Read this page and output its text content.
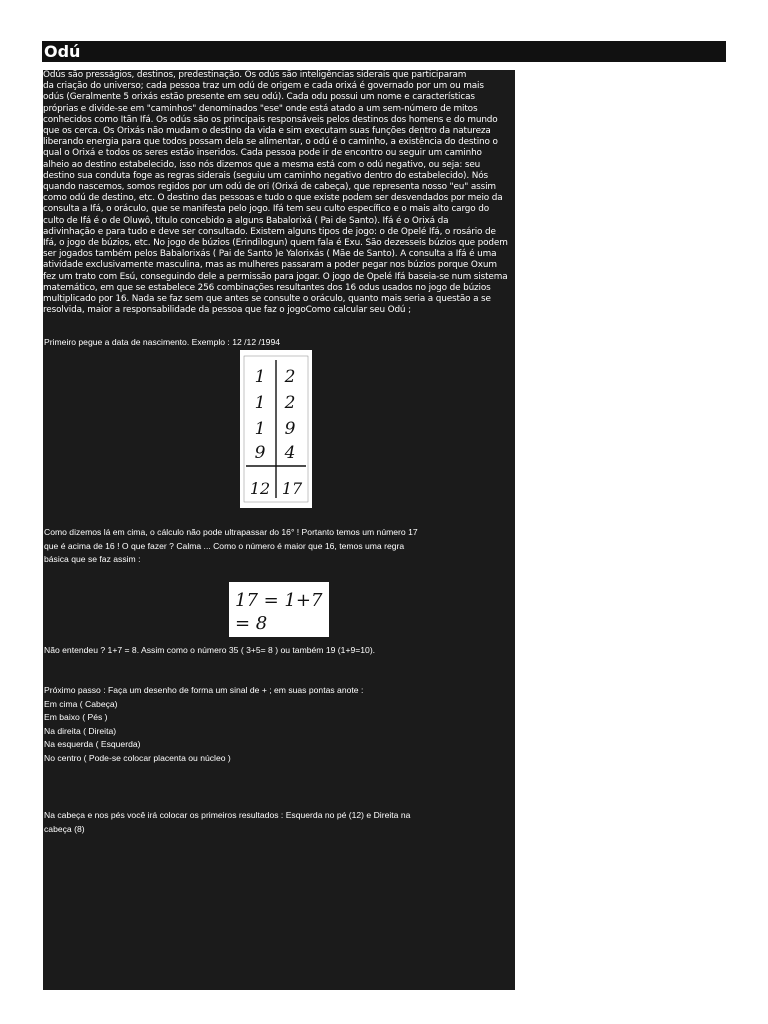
Odú

Odús são presságios, destinos, predestinação. Os odús são inteligências siderais que participaram
da criação do universo; cada pessoa traz um odú de origem e cada orixá é governado por um ou mais
odús (Geralmente 5 orixás estão presente em seu odú). Cada odu possui um nome e características
próprias e divide-se em "caminhos" denominados "ese" onde está atado a um sem-número de mitos
conhecidos como Itãn Ifá. Os odús são os principais responsáveis pelos destinos dos homens e do mundo
que os cerca. Os Orixás não mudam o destino da vida e sim executam suas funções dentro da natureza
liberando energia para que todos possam dela se alimentar, o odú é o caminho, a existência do destino o
qual o Orixá e todos os seres estão inseridos. Cada pessoa pode ir de encontro ou seguir um caminho
alheio ao destino estabelecido, isso nós dizemos que a mesma está com o odú negativo, ou seja: seu
destino sua conduta foge as regras siderais (seguiu um caminho negativo dentro do estabelecido). Nós
quando nascemos, somos regidos por um odú de ori (Orixá de cabeça), que representa nosso "eu" assim
como odú de destino, etc. O destino das pessoas e tudo o que existe podem ser desvendados por meio da
consulta a Ifá, o oráculo, que se manifesta pelo jogo. Ifá tem seu culto específico e o mais alto cargo do
culto de Ifá é o de Oluwô, título concebido a alguns Babalorixá ( Pai de Santo). Ifá é o Orixá da
adivinhação e para tudo e deve ser consultado. Existem alguns tipos de jogo: o de Opelé Ifá, o rosário de
Ifá, o jogo de búzios, etc. No jogo de búzios (Erindilogun) quem fala é Exu. São dezesseis búzios que podem
ser jogados também pelos Babalorixás ( Pai de Santo )e Yalorixás ( Mãe de Santo). A consulta a Ifá é uma
atividade exclusivamente masculina, mas as mulheres passaram a poder pegar nos búzios porque Oxum
fez um trato com Esú, conseguindo dele a permissão para jogar. O jogo de Opelé Ifá baseia-se num sistema
matemático, em que se estabelece 256 combinações resultantes dos 16 odus usados no jogo de búzios
multiplicado por 16. Nada se faz sem que antes se consulte o oráculo, quanto mais seria a questão a se
resolvida, maior a responsabilidade da pessoa que faz o jogoComo calcular seu Odú ;

Primeiro pegue a data de nascimento. Exemplo : 12 /12 /1994

1 2
1 2
1 9
9 4
12 17

Como dizemos lá em cima, o cálculo não pode ultrapassar do 16° ! Portanto temos um número 17
que é acima de 16 ! O que fazer ? Calma ... Como o número é maior que 16, temos uma regra
básica que se faz assim :

17 = 1+7
= 8

Não entendeu ? 1+7 = 8. Assim como o número 35 ( 3+5= 8 ) ou também 19 (1+9=10).

Próximo passo : Faça um desenho de forma um sinal de + ; em suas pontas anote :
Em cima ( Cabeça)
Em baixo ( Pés )
Na direita ( Direita)
Na esquerda ( Esquerda)
No centro ( Pode-se colocar placenta ou núcleo )

Na cabeça e nos pés você irá colocar os primeiros resultados : Esquerda no pé (12) e Direita na
cabeça (8)
